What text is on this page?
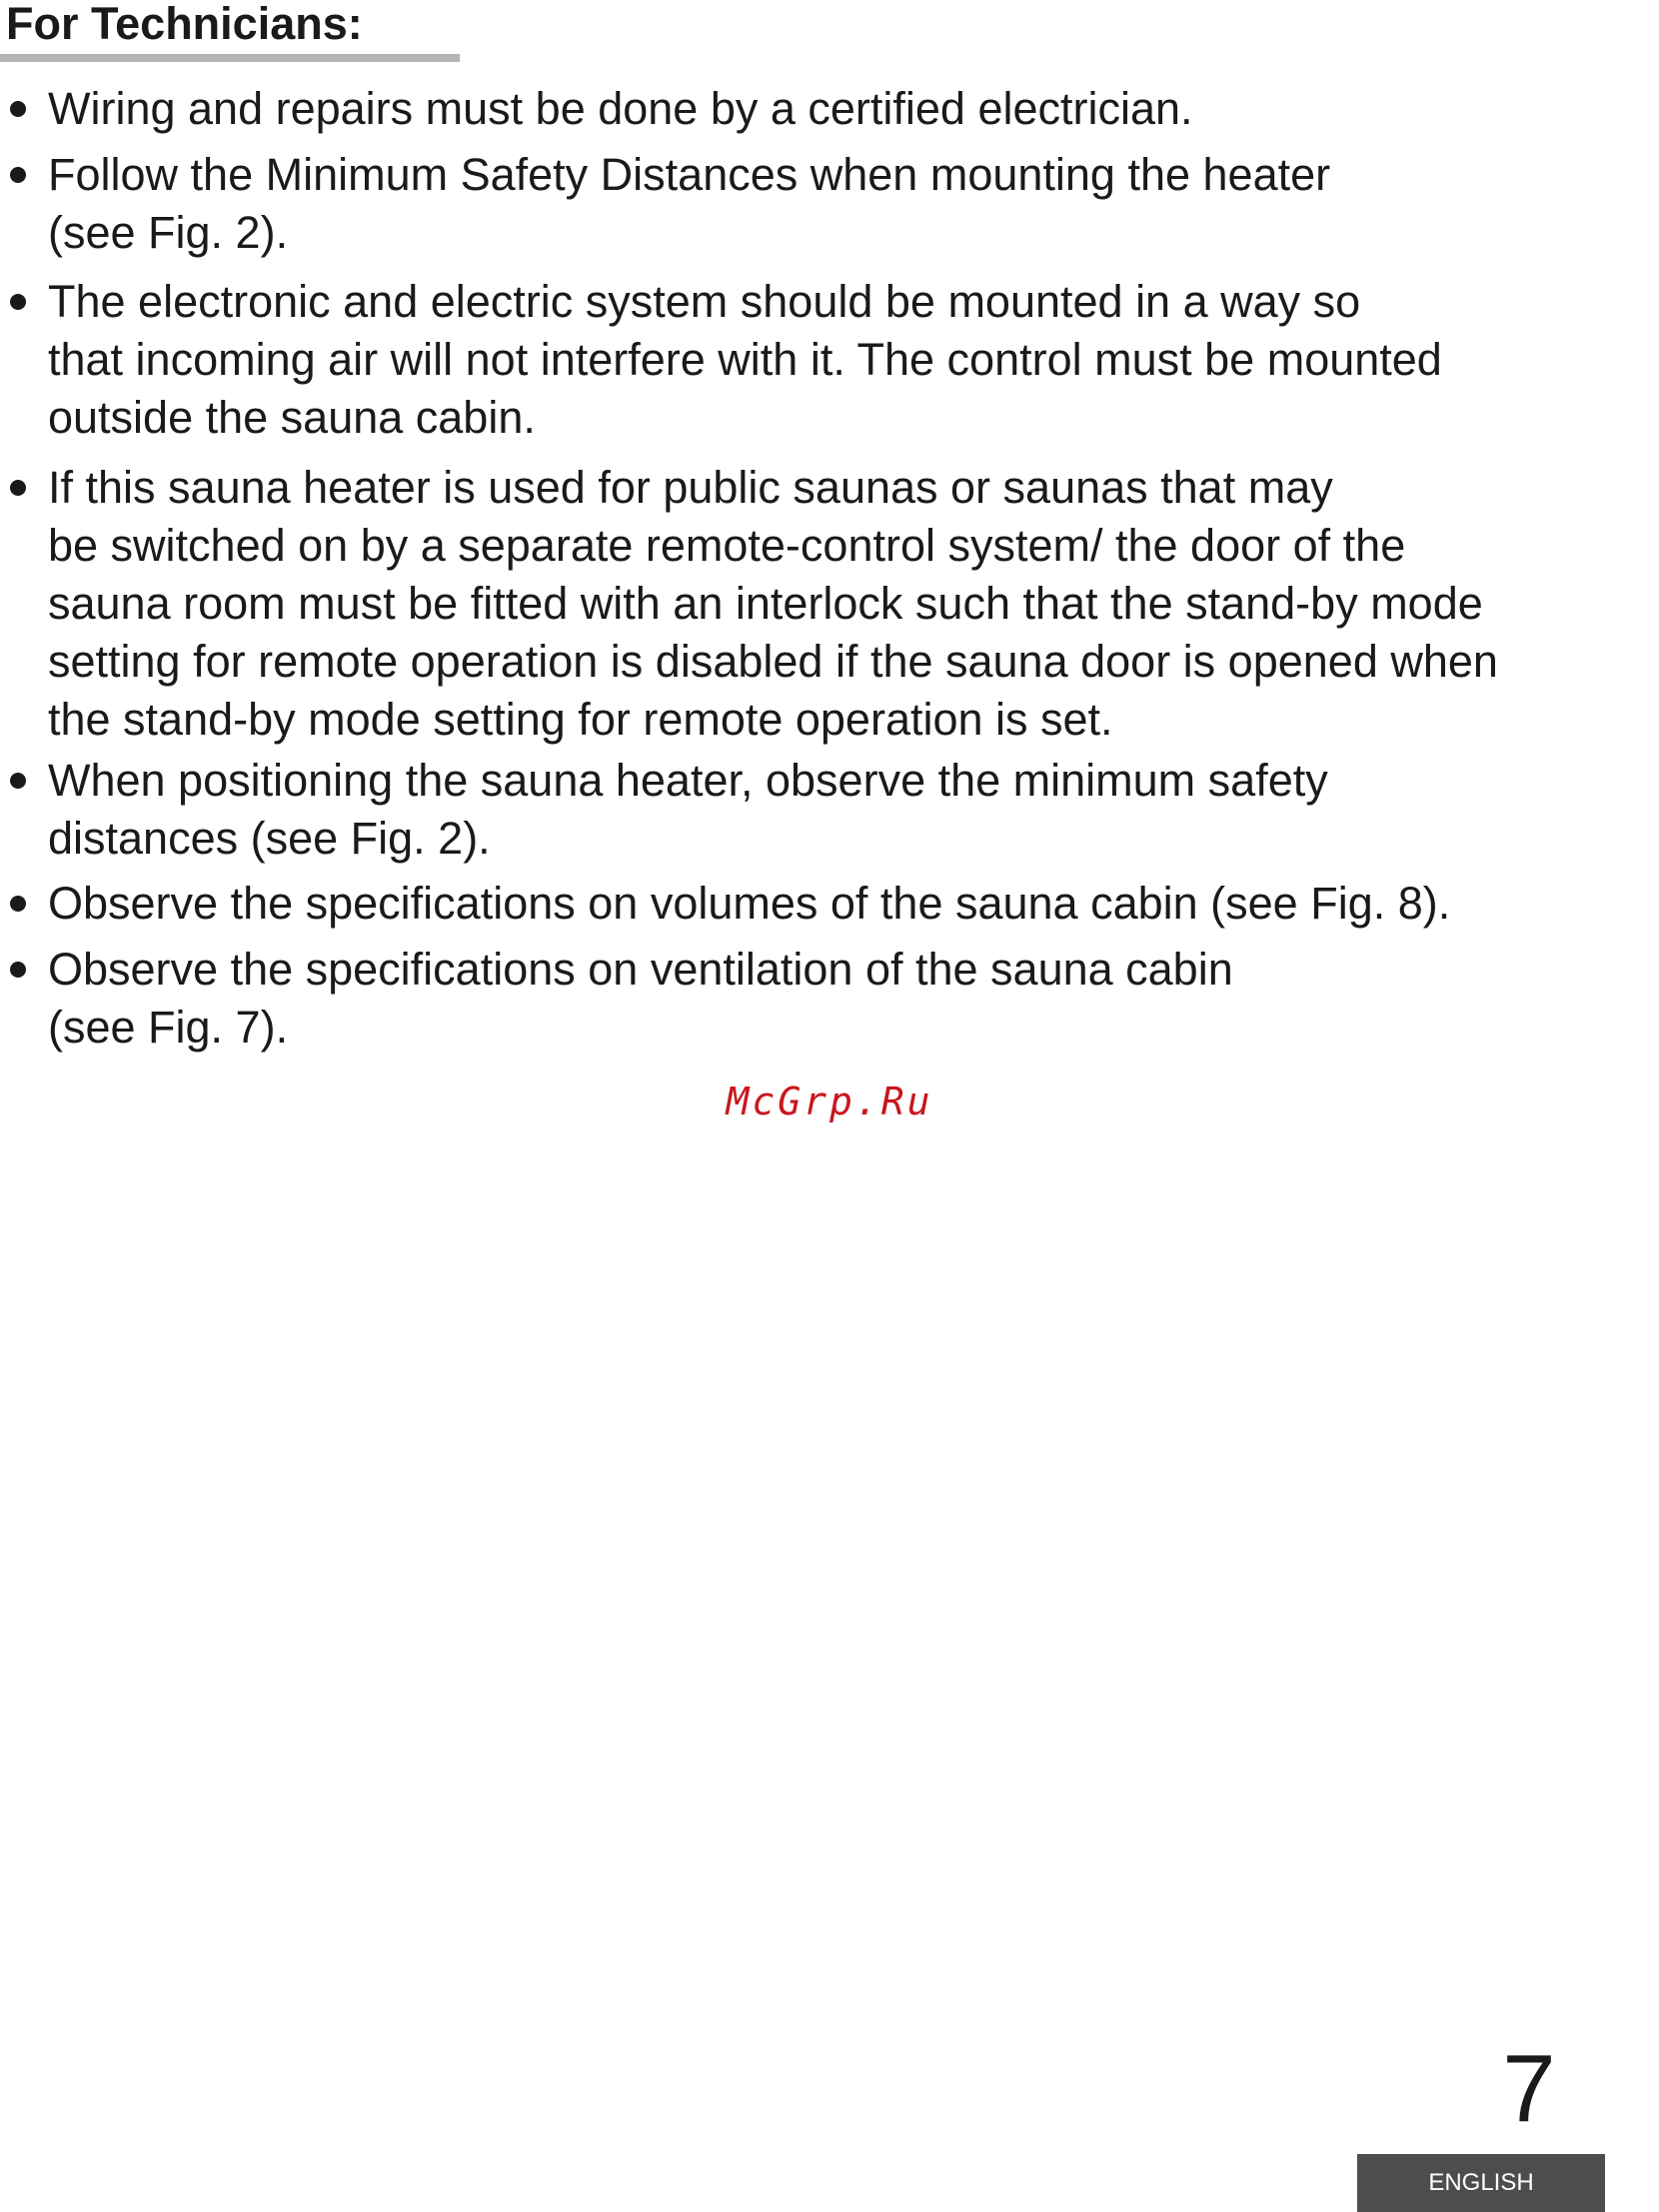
For Technicians:
Wiring and repairs must be done by a certified electrician.
Follow the Minimum Safety Distances when mounting the heater
(see Fig. 2).
The electronic and electric system should be mounted in a way so
that incoming air will not interfere with it. The control must be mounted
outside the sauna cabin.
If this sauna heater is used for public saunas or saunas that may
be switched on by a separate remote-control system/ the door of the
sauna room must be fitted with an interlock such that the stand-by mode
setting for remote operation is disabled if the sauna door is opened when
the stand-by mode setting for remote operation is set.
When positioning the sauna heater, observe the minimum safety
distances (see Fig. 2).
Observe the specifications on volumes of the sauna cabin (see Fig. 8).
Observe the specifications on ventilation of the sauna cabin
(see Fig. 7).
McGrp.Ru
7
ENGLISH
